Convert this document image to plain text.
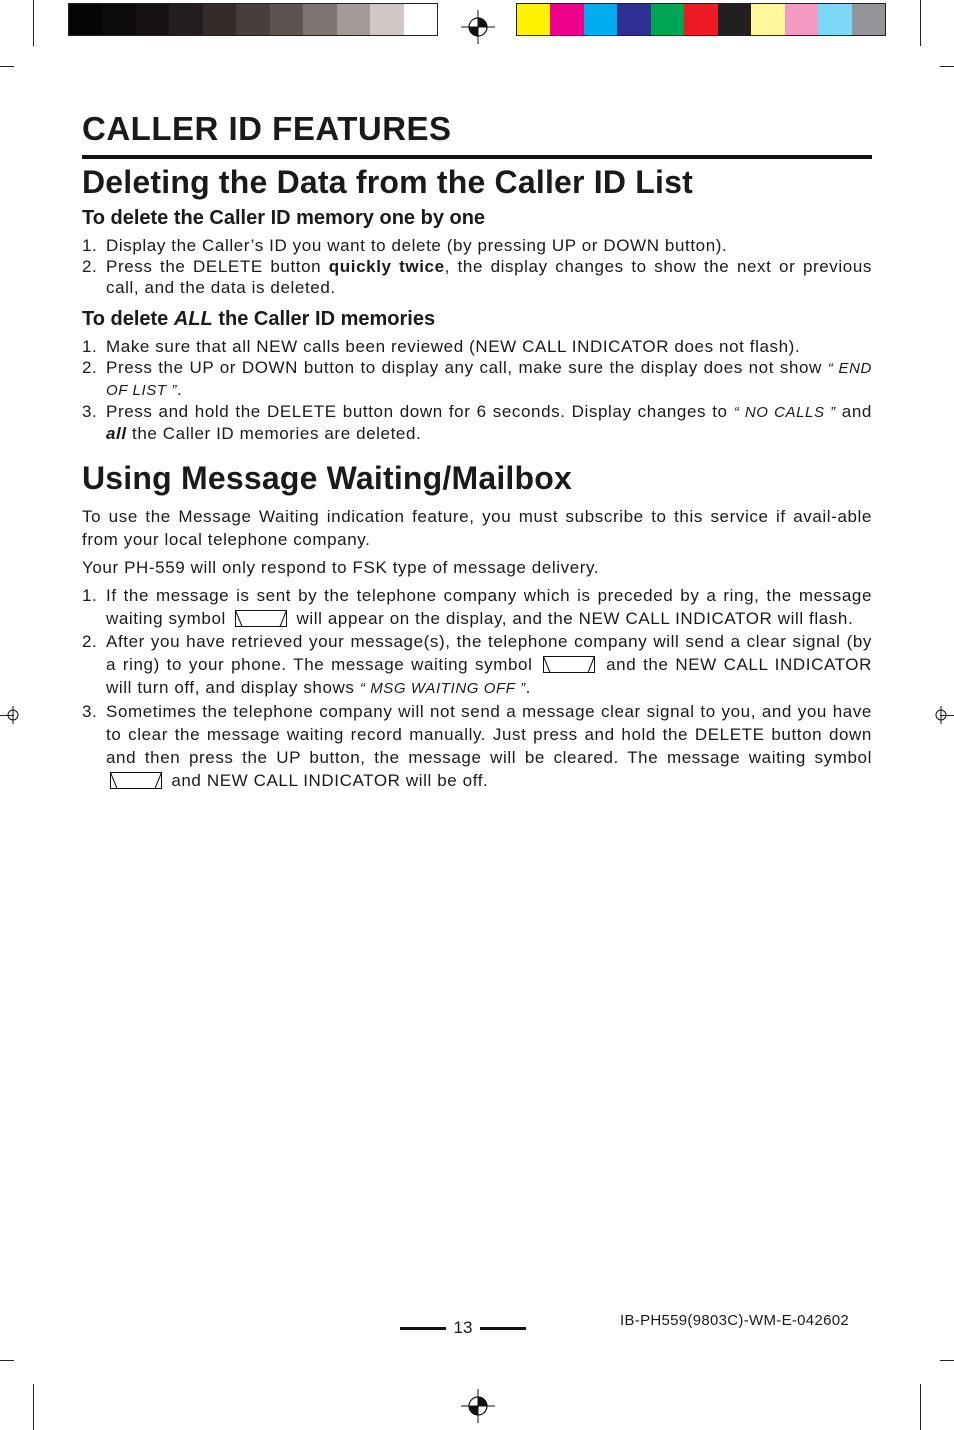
CALLER ID FEATURES
Deleting the Data from the Caller ID List
To delete the Caller ID memory one by one
1. Display the Caller’s ID you want to delete (by pressing UP or DOWN button).
2. Press the DELETE button quickly twice, the display changes to show the next or previous call, and the data is deleted.
To delete ALL the Caller ID memories
1. Make sure that all NEW calls been reviewed (NEW CALL INDICATOR does not flash).
2. Press the UP or DOWN button to display any call, make sure the display does not show “ END OF LIST ”.
3. Press and hold the DELETE button down for 6 seconds. Display changes to “ NO CALLS ” and all the Caller ID memories are deleted.
Using Message Waiting/Mailbox

To use the Message Waiting indication feature, you must subscribe to this service if avail-able from your local telephone company.

Your PH-559 will only respond to FSK type of message delivery.

1. If the message is sent by the telephone company which is preceded by a ring, the message waiting symbol	will appear on the display, and the NEW CALL INDICATOR will flash.
2. After you have retrieved your message(s), the telephone company will send a clear signal (by a ring) to your phone. The message waiting symbol	and the NEW CALL INDICATOR will turn off, and display shows “ MSG WAITING OFF ”.
3. Sometimes the telephone company will not send a message clear signal to you, and you have to clear the message waiting record manually. Just press and hold the DELETE button down and then press the UP button, the message will be cleared. The message waiting symbol  and NEW CALL INDICATOR will be off.
13	IB-PH559(9803C)-WM-E-042602
